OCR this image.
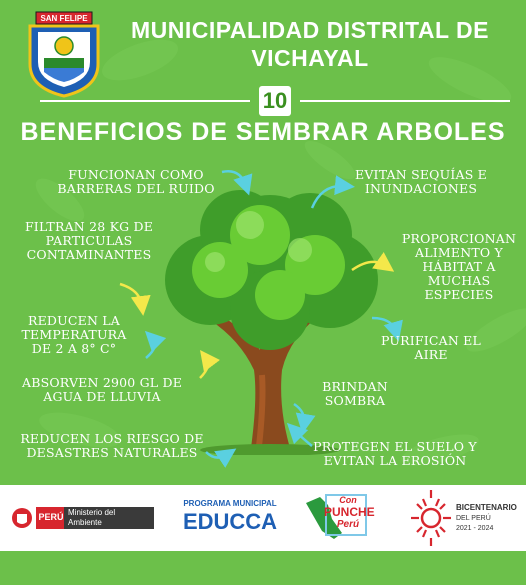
SAN FELIPE	MUNICIPALIDAD DISTRITAL DE VICHAYAL
10
BENEFICIOS DE SEMBRAR ARBOLES
FUNCIONAN COMO BARRERAS DEL RUIDO
EVITAN SEQUÍAS E INUNDACIONES
FILTRAN 28 KG DE PARTICULAS CONTAMINANTES
PROPORCIONAN ALIMENTO Y HÁBITAT A MUCHAS ESPECIES
REDUCEN LA TEMPERATURA DE 2 A 8° C°
PURIFICAN EL AIRE
ABSORVEN 2900 GL DE AGUA DE LLUVIA
BRINDAN SOMBRA
REDUCEN LOS RIESGO DE DESASTRES NATURALES	PROTEGEN EL SUELO Y EVITAN LA EROSIÓN
PERÚ Ministerio del Ambiente
PROGRAMA MUNICIPAL
EDUCCA
Con
PUNCHE
Perú
BICENTENARIO
DEL PERÚ
2021 - 2024
